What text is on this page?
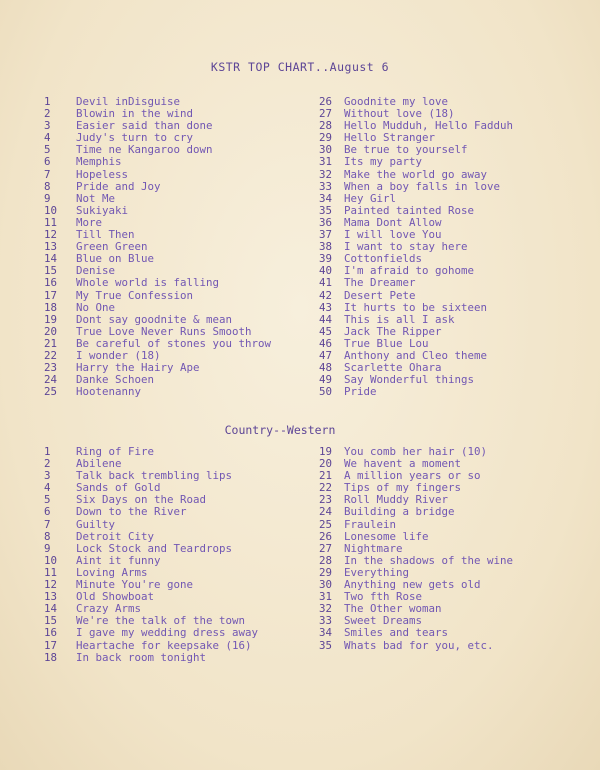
KSTR TOP CHART..August 6
1	Devil inDisguise
2	Blowin in the wind
3	Easier said than done
4	Judy's turn to cry
5	Time ne Kangaroo down
6	Memphis
7	Hopeless
8	Pride and Joy
9	Not Me
10	Sukiyaki
11	More
12	Till Then
13	Green Green
14	Blue on Blue
15	Denise
16	Whole world is falling
17	My True Confession
18	No One
19	Dont say goodnite & mean
20	True Love Never Runs Smooth
21	Be careful of stones you throw
22	I wonder (18)
23	Harry the Hairy Ape
24	Danke Schoen
25	Hootenanny
26	Goodnite my love
27	Without love (18)
28	Hello Mudduh, Hello Fadduh
29	Hello Stranger
30	Be true to yourself
31	Its my party
32	Make the world go away
33	When a boy falls in love
34	Hey Girl
35	Painted tainted Rose
36	Mama Dont Allow
37	I will love You
38	I want to stay here
39	Cottonfields
40	I'm afraid to gohome
41	The Dreamer
42	Desert Pete
43	It hurts to be sixteen
44	This is all I ask
45	Jack The Ripper
46	True Blue Lou
47	Anthony and Cleo theme
48	Scarlette Ohara
49	Say Wonderful things
50	Pride
Country--Western
1	Ring of Fire
2	Abilene
3	Talk back trembling lips
4	Sands of Gold
5	Six Days on the Road
6	Down to the River
7	Guilty
8	Detroit City
9	Lock Stock and Teardrops
10	Aint it funny
11	Loving Arms
12	Minute You're gone
13	Old Showboat
14	Crazy Arms
15	We're the talk of the town
16	I gave my wedding dress away
17	Heartache for keepsake (16)
18	In back room tonight
19	You comb her hair (10)
20	We havent a moment
21	A million years or so
22	Tips of my fingers
23	Roll Muddy River
24	Building a bridge
25	Fraulein
26	Lonesome life
27	Nightmare
28	In the shadows of the wine
29	Everything
30	Anything new gets old
31	Two fth Rose
32	The Other woman
33	Sweet Dreams
34	Smiles and tears
35	Whats bad for you, etc.
